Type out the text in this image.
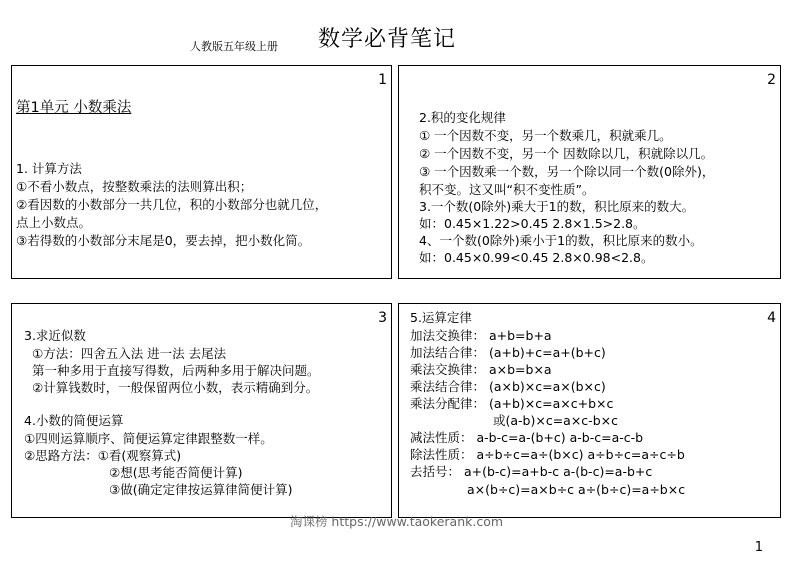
人教版五年级上册 数学必背笔记
1
第1单元 小数乘法
1. 计算方法
①不看小数点，按整数乘法的法则算出积；
②看因数的小数部分一共几位，积的小数部分也就几位，
点上小数点。
③若得数的小数部分末尾是0，要去掉，把小数化简。
2
2.积的变化规律
① 一个因数不变，另一个数乘几，积就乘几。
② 一个因数不变，另一个 因数除以几，积就除以几。
③ 一个因数乘一个数，另一个除以同一个数(0除外)，
积不变。这又叫“积不变性质”。
3.一个数(0除外)乘大于1的数，积比原来的数大。
如：0.45×1.22>0.45 2.8×1.5>2.8。
4、一个数(0除外)乘小于1的数，积比原来的数小。
如：0.45×0.99<0.45 2.8×0.98<2.8。
3
3.求近似数
①方法：四舍五入法 进一法 去尾法
第一种多用于直接写得数，后两种多用于解决问题。
②计算钱数时，一般保留两位小数，表示精确到分。
4.小数的简便运算
①四则运算顺序、简便运算定律跟整数一样。
②思路方法：①看(观察算式)
②想(思考能否简便计算)
③做(确定定律按运算律简便计算)
4
5.运算定律
加法交换律： a+b=b+a
加法结合律： (a+b)+c=a+(b+c)
乘法交换律： a×b=b×a
乘法结合律： (a×b)×c=a×(b×c)
乘法分配律： (a+b)×c=a×c+b×c
或(a-b)×c=a×c-b×c
减法性质： a-b-c=a-(b+c) a-b-c=a-c-b
除法性质： a÷b÷c=a÷(b×c) a÷b÷c=a÷c÷b
去括号： a+(b-c)=a+b-c a-(b-c)=a-b+c
a×(b÷c)=a×b÷c a÷(b÷c)=a÷b×c
淘课榜 https://www.taokerank.com
1
